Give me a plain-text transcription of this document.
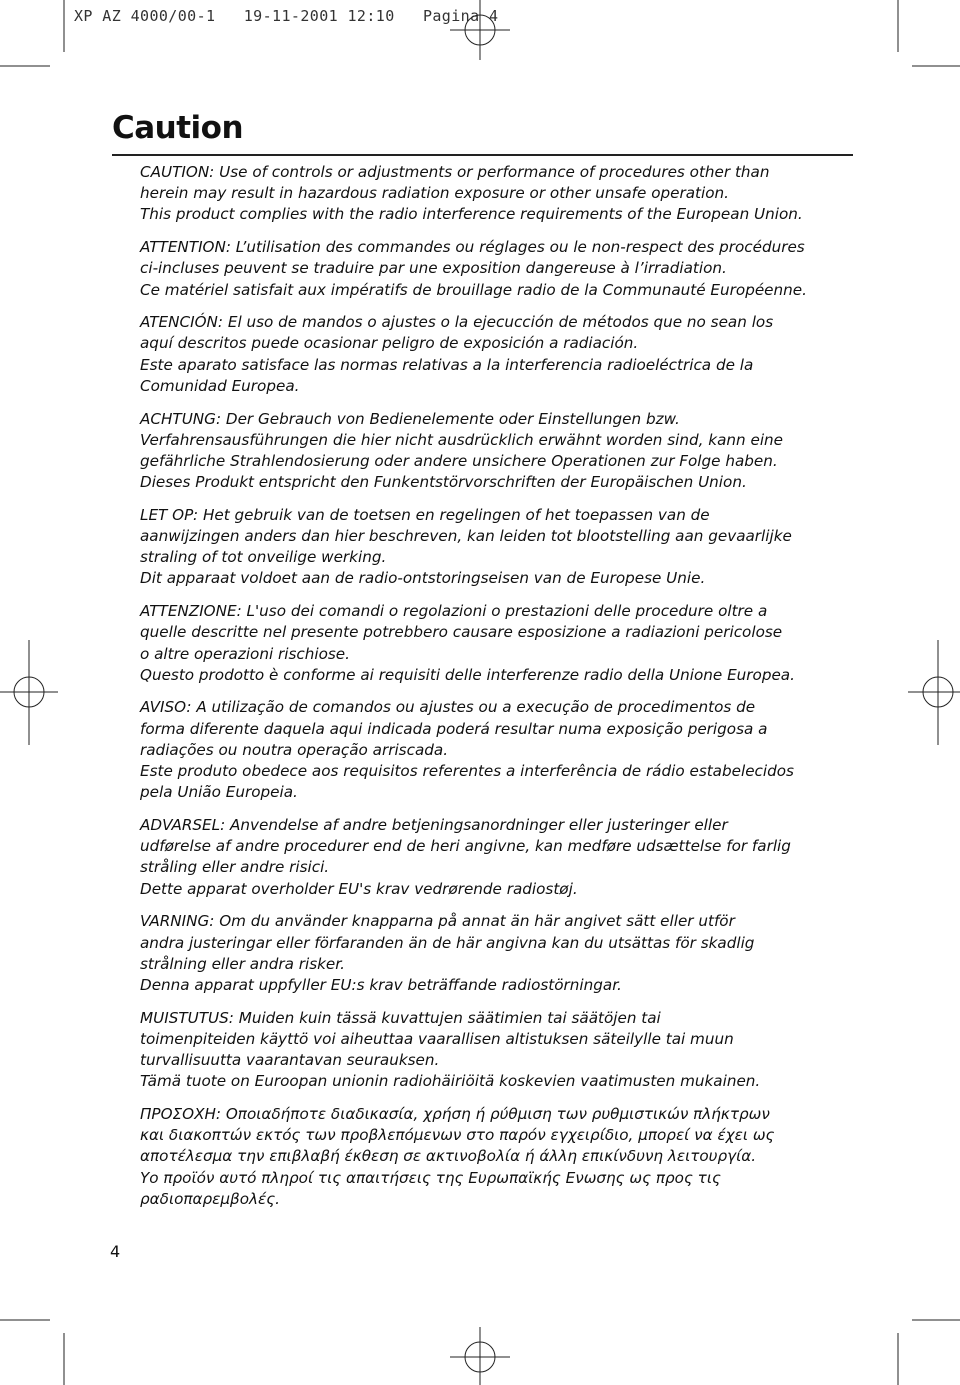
XP AZ 4000/00-1   19-11-2001 12:10   Pagina 4
Caution

CAUTION: Use of controls or adjustments or performance of procedures other than

herein may result in hazardous radiation exposure or other unsafe operation.

This product complies with the radio interference requirements of the European Union.

ATTENTION: L’utilisation des commandes ou réglages ou le non-respect des procédures

ci-incluses peuvent se traduire par une exposition dangereuse à l’irradiation.

Ce matériel satisfait aux impératifs de brouillage radio de la Communauté Européenne.

ATENCIÓN: El uso de mandos o ajustes o la ejecucción de métodos que no sean los

aquí descritos puede ocasionar peligro de exposición a radiación.

Este aparato satisface las normas relativas a la interferencia radioeléctrica de la

Comunidad Europea.

ACHTUNG: Der Gebrauch von Bedienelemente oder Einstellungen bzw.

Verfahrensausführungen die hier nicht ausdrücklich erwähnt worden sind, kann eine

gefährliche Strahlendosierung oder andere unsichere Operationen zur Folge haben.

Dieses Produkt entspricht den Funkentstörvorschriften der Europäischen Union.

LET OP: Het gebruik van de toetsen en regelingen of het toepassen van de

aanwijzingen anders dan hier beschreven, kan leiden tot blootstelling aan gevaarlijke

straling of tot onveilige werking.

Dit apparaat voldoet aan de radio-ontstoringseisen van de Europese Unie.

ATTENZIONE: L'uso dei comandi o regolazioni o prestazioni delle procedure oltre a

quelle descritte nel presente potrebbero causare esposizione a radiazioni pericolose

o altre operazioni rischiose.

Questo prodotto è conforme ai requisiti delle interferenze radio della Unione Europea.

AVISO: A utilização de comandos ou ajustes ou a execução de procedimentos de

forma diferente daquela aqui indicada poderá resultar numa exposição perigosa a

radiações ou noutra operação arriscada.

Este produto obedece aos requisitos referentes a interferência de rádio estabelecidos

pela União Europeia.

ADVARSEL: Anvendelse af andre betjeningsanordninger eller justeringer eller

udførelse af andre procedurer end de heri angivne, kan medføre udsættelse for farlig

stråling eller andre risici.

Dette apparat overholder EU's krav vedrørende radiostøj.

VARNING: Om du använder knapparna på annat än här angivet sätt eller utför

andra justeringar eller förfaranden än de här angivna kan du utsättas för skadlig

strålning eller andra risker.

Denna apparat uppfyller EU:s krav beträffande radiostörningar.

MUISTUTUS: Muiden kuin tässä kuvattujen säätimien tai säätöjen tai

toimenpiteiden käyttö voi aiheuttaa vaarallisen altistuksen säteilylle tai muun

turvallisuutta vaarantavan seurauksen.

Tämä tuote on Euroopan unionin radiohäiriöitä koskevien vaatimusten mukainen.

ΠΡΟΣΟΧΗ: Οποιαδήποτε διαδικασία, χρήση ή ρύθμιση των ρυθμιστικών πλήκτρων

και διακοπτών εκτός των προβλεπόμενων στο παρόν εγχειρίδιο, μπορεί να έχει ως

αποτέλεσμα την επιβλαβή έκθεση σε ακτινοβολία ή άλλη επικίνδυνη λειτουργία.

Υο προϊόν αυτό πληροί τις απαιτήσεις της Ευρωπαϊκής Ενωσης ως προς τις

ραδιοπαρεμβολές.

4
